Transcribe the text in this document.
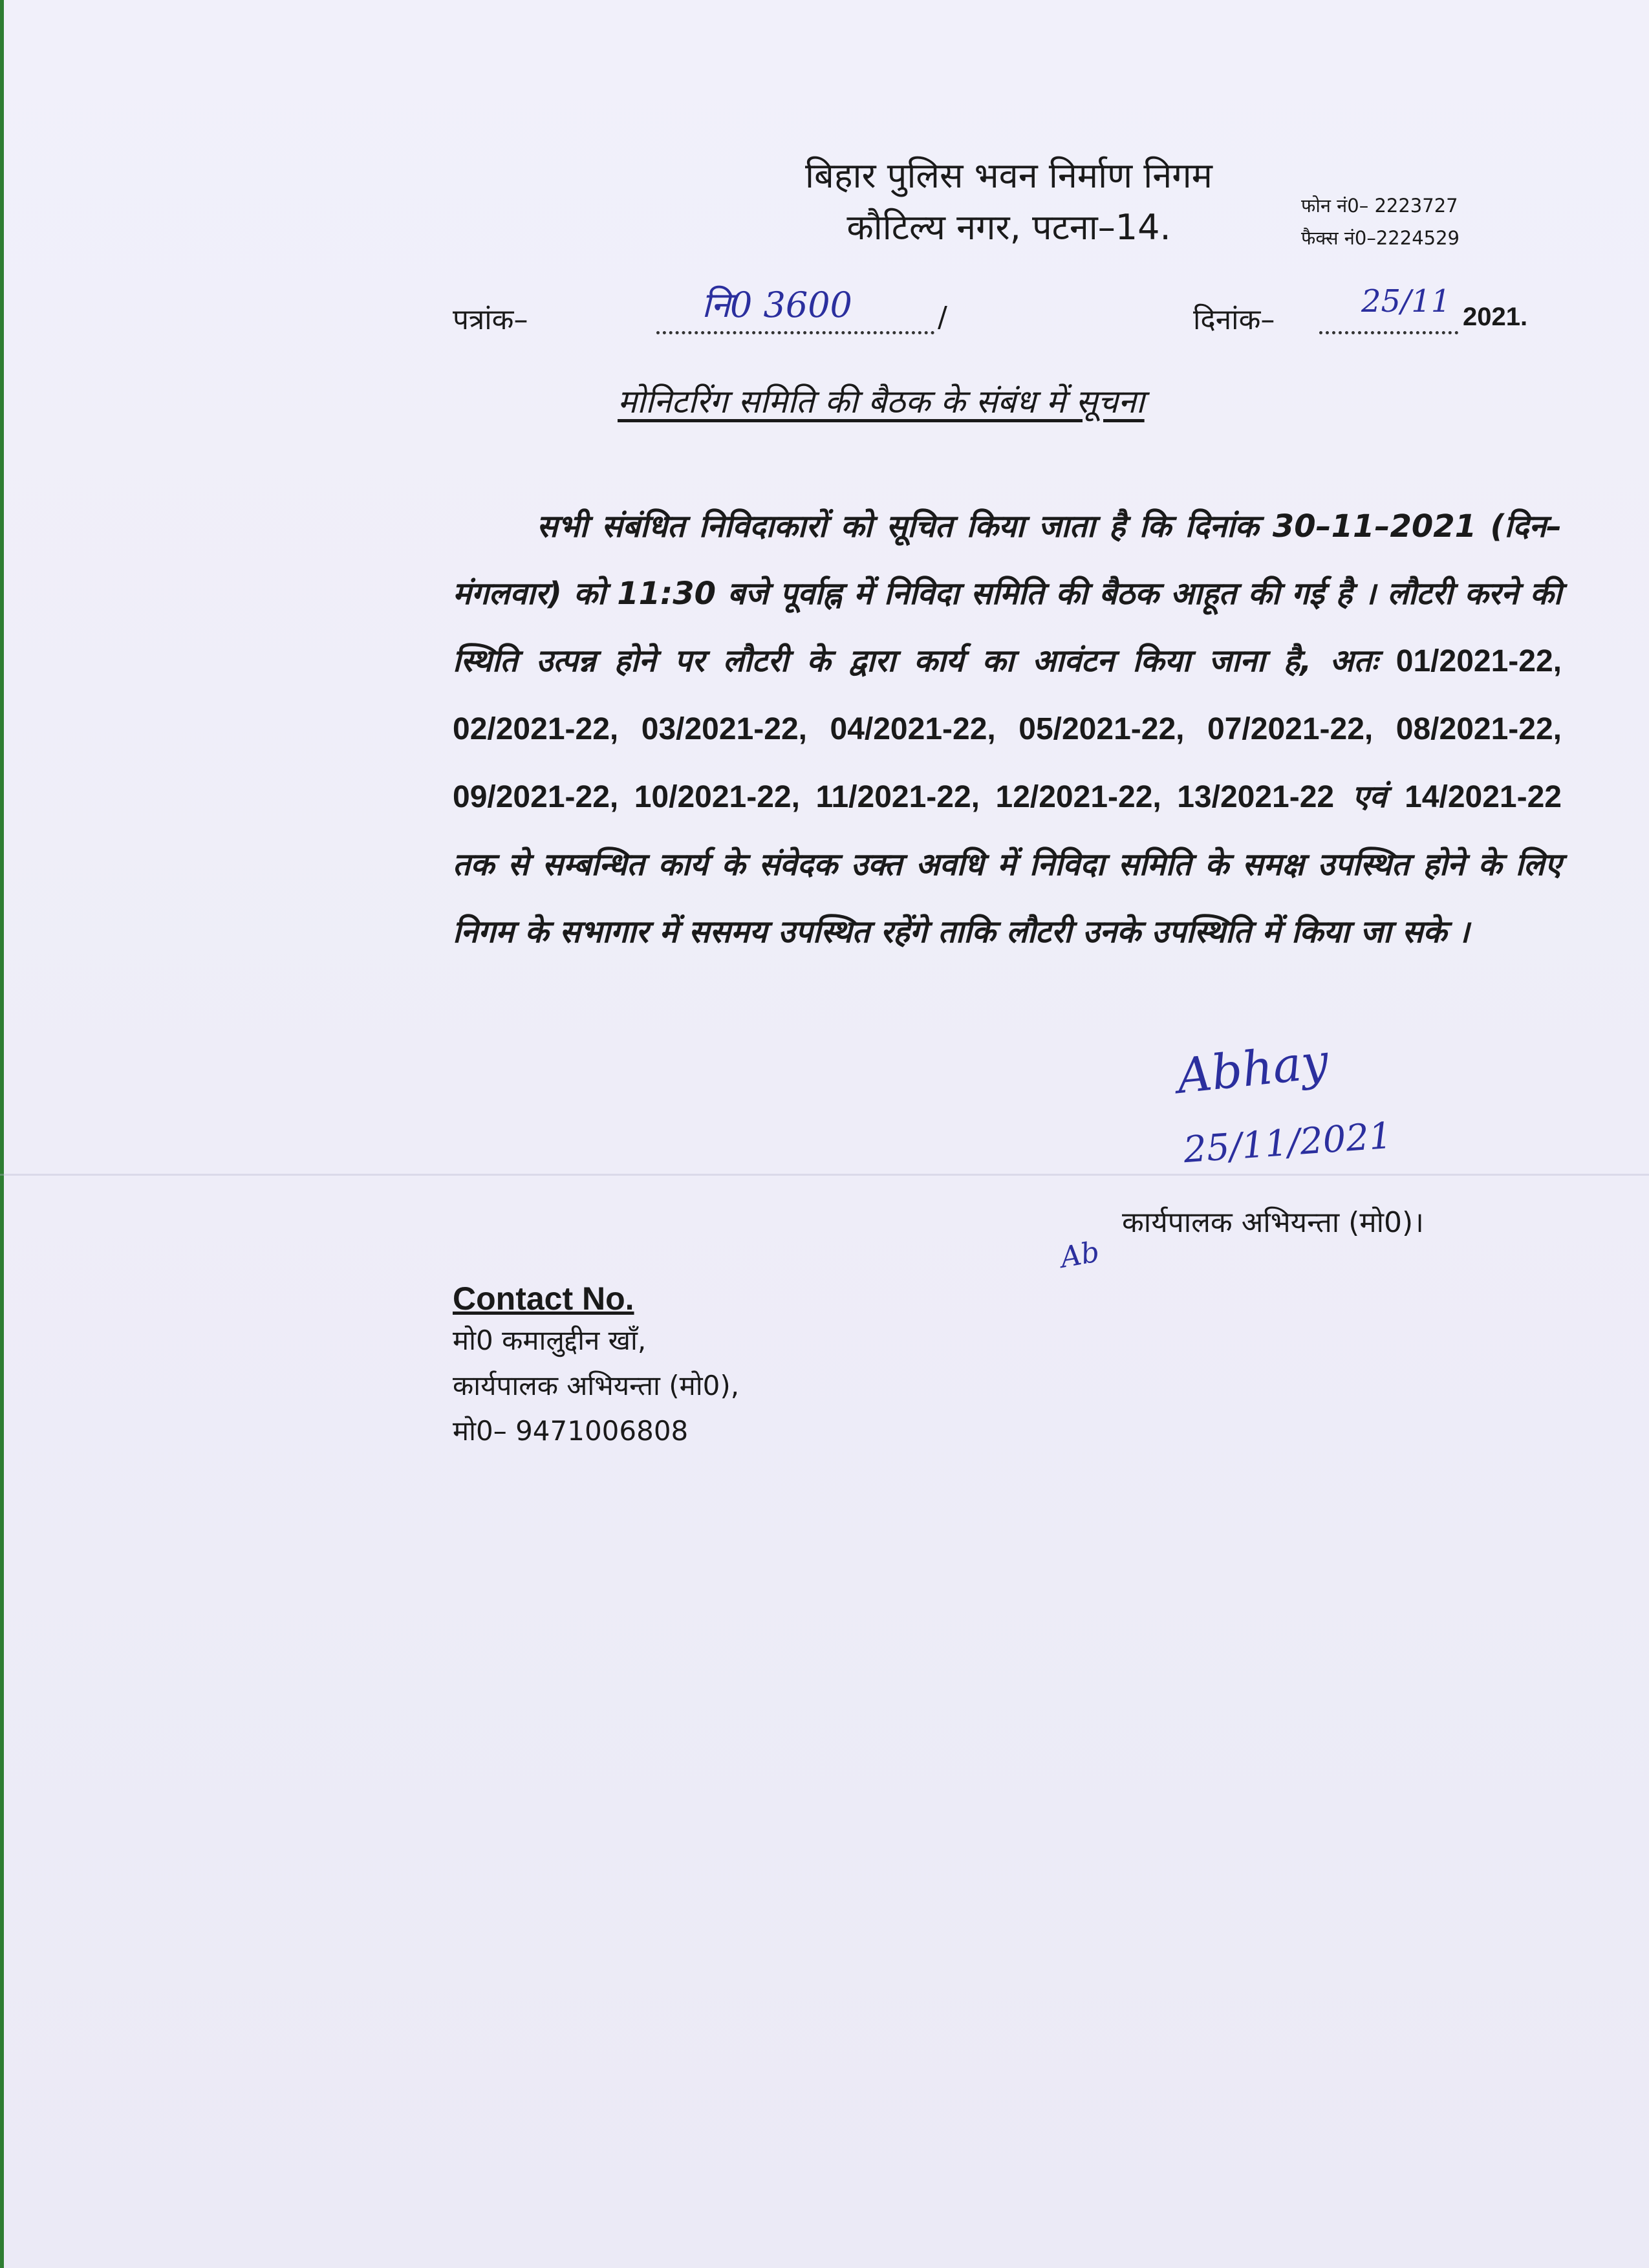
बिहार पुलिस भवन निर्माण निगम
कौटिल्य नगर, पटना–14.
फोन नं0– 2223727
फैक्स नं0–2224529
पत्रांक–	नि0 3600	/	दिनांक–
25/11 2021.
मोनिटरिंग समिति की बैठक के संबंध में सूचना
सभी संबंधित निविदाकारों को सूचित किया जाता है कि दिनांक 30–11–2021 (दिन– मंगलवार) को 11:30 बजे पूर्वाह्न में निविदा समिति की बैठक आहूत की गई है । लौटरी करने की स्थिति उत्पन्न होने पर लौटरी के द्वारा कार्य का आवंटन किया जाना है, अतः 01/2021-22, 02/2021-22, 03/2021-22, 04/2021-22, 05/2021-22, 07/2021-22, 08/2021-22, 09/2021-22, 10/2021-22, 11/2021-22, 12/2021-22, 13/2021-22 एवं 14/2021-22 तक से सम्बन्धित कार्य के संवेदक उक्त अवधि में निविदा समिति के समक्ष उपस्थित होने के लिए निगम के सभागार में ससमय उपस्थित रहेंगे ताकि लौटरी उनके उपस्थिति में किया जा सके ।
Abhay
25/11/2021
कार्यपालक अभियन्ता (मो0)।
Ab
Contact No.
मो0 कमालुद्दीन खाँ,
कार्यपालक अभियन्ता (मो0),
मो0– 9471006808
